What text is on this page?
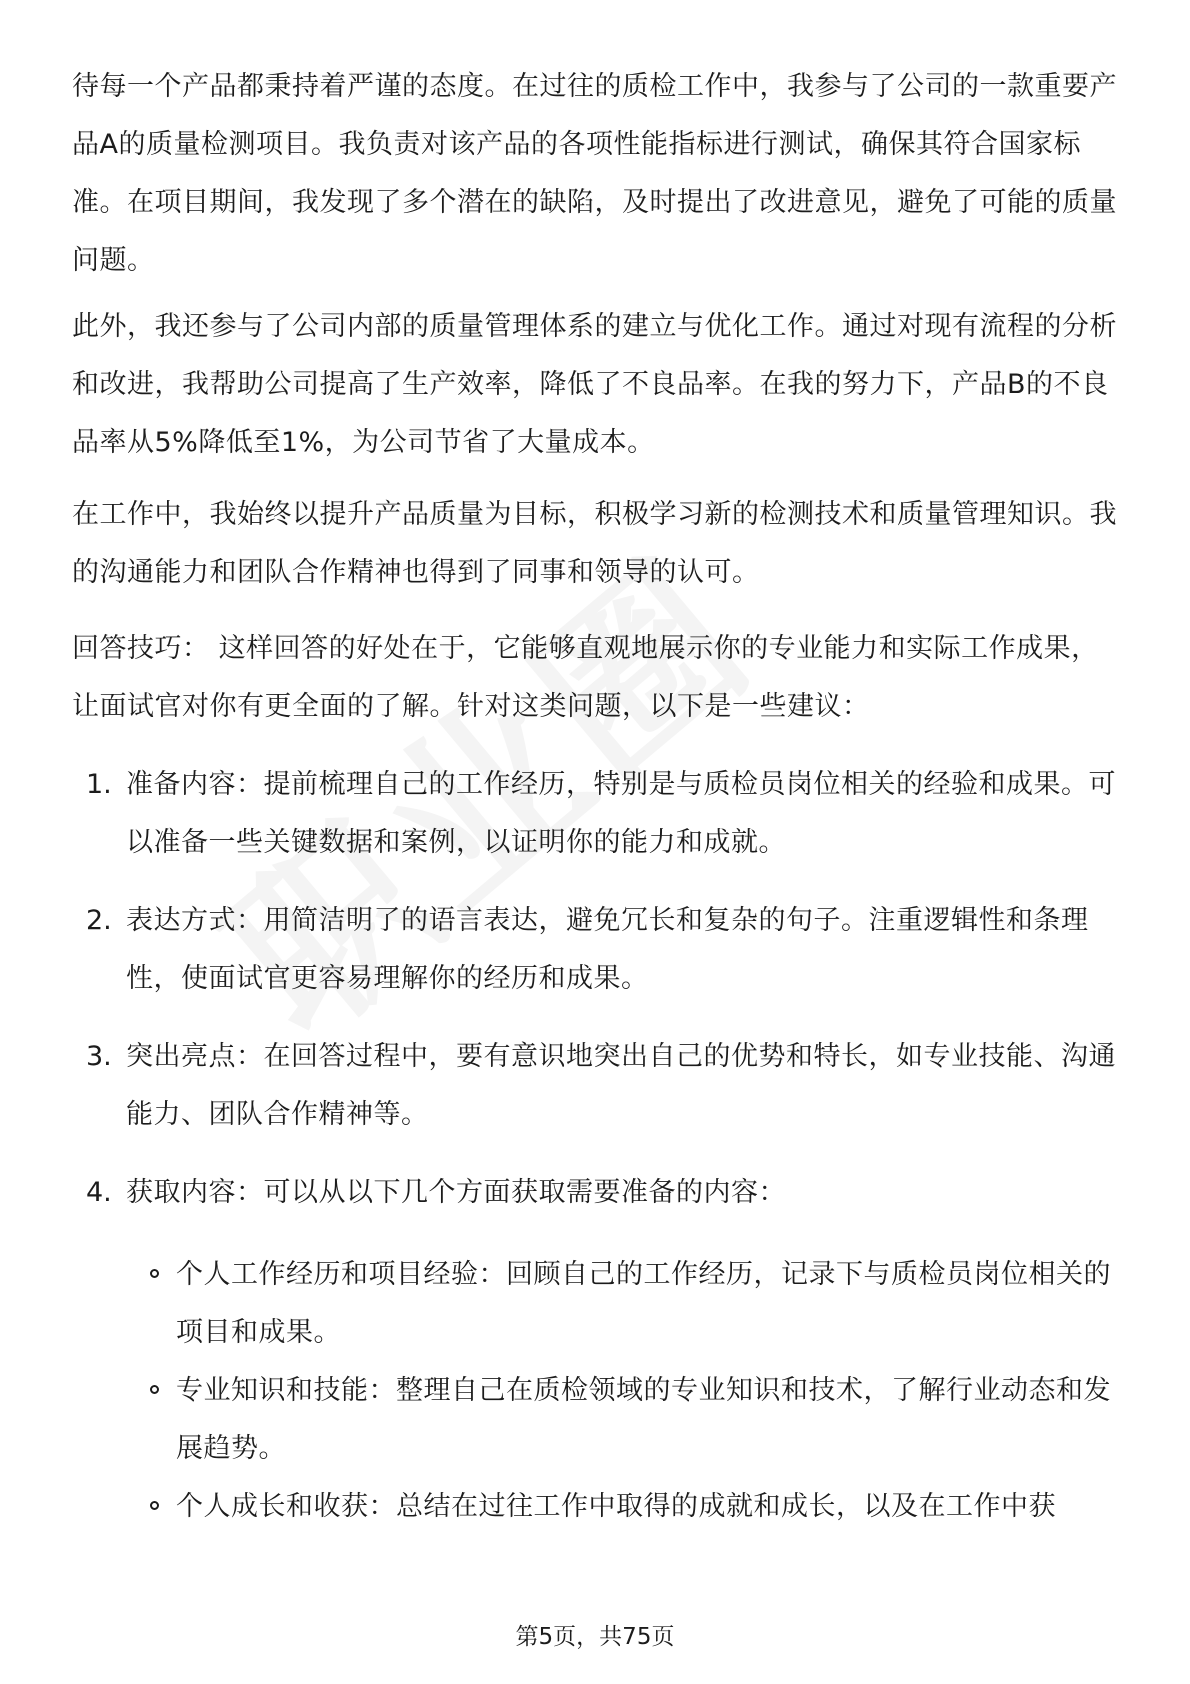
待每一个产品都秉持着严谨的态度。在过往的质检工作中，我参与了公司的一款重要产品A的质量检测项目。我负责对该产品的各项性能指标进行测试，确保其符合国家标准。在项目期间，我发现了多个潜在的缺陷，及时提出了改进意见，避免了可能的质量问题。

此外，我还参与了公司内部的质量管理体系的建立与优化工作。通过对现有流程的分析和改进，我帮助公司提高了生产效率，降低了不良品率。在我的努力下，产品B的不良品率从5%降低至1%，为公司节省了大量成本。

在工作中，我始终以提升产品质量为目标，积极学习新的检测技术和质量管理知识。我的沟通能力和团队合作精神也得到了同事和领导的认可。

回答技巧： 这样回答的好处在于，它能够直观地展示你的专业能力和实际工作成果，让面试官对你有更全面的了解。针对这类问题，以下是一些建议：

1. 准备内容：提前梳理自己的工作经历，特别是与质检员岗位相关的经验和成果。可以准备一些关键数据和案例，以证明你的能力和成就。
2. 表达方式：用简洁明了的语言表达，避免冗长和复杂的句子。注重逻辑性和条理性，使面试官更容易理解你的经历和成果。
3. 突出亮点：在回答过程中，要有意识地突出自己的优势和特长，如专业技能、沟通能力、团队合作精神等。
4. 获取内容：可以从以下几个方面获取需要准备的内容：
个人工作经历和项目经验：回顾自己的工作经历，记录下与质检员岗位相关的项目和成果。
专业知识和技能：整理自己在质检领域的专业知识和技术，了解行业动态和发展趋势。
个人成长和收获：总结在过往工作中取得的成就和成长，以及在工作中获
第5页，共75页
